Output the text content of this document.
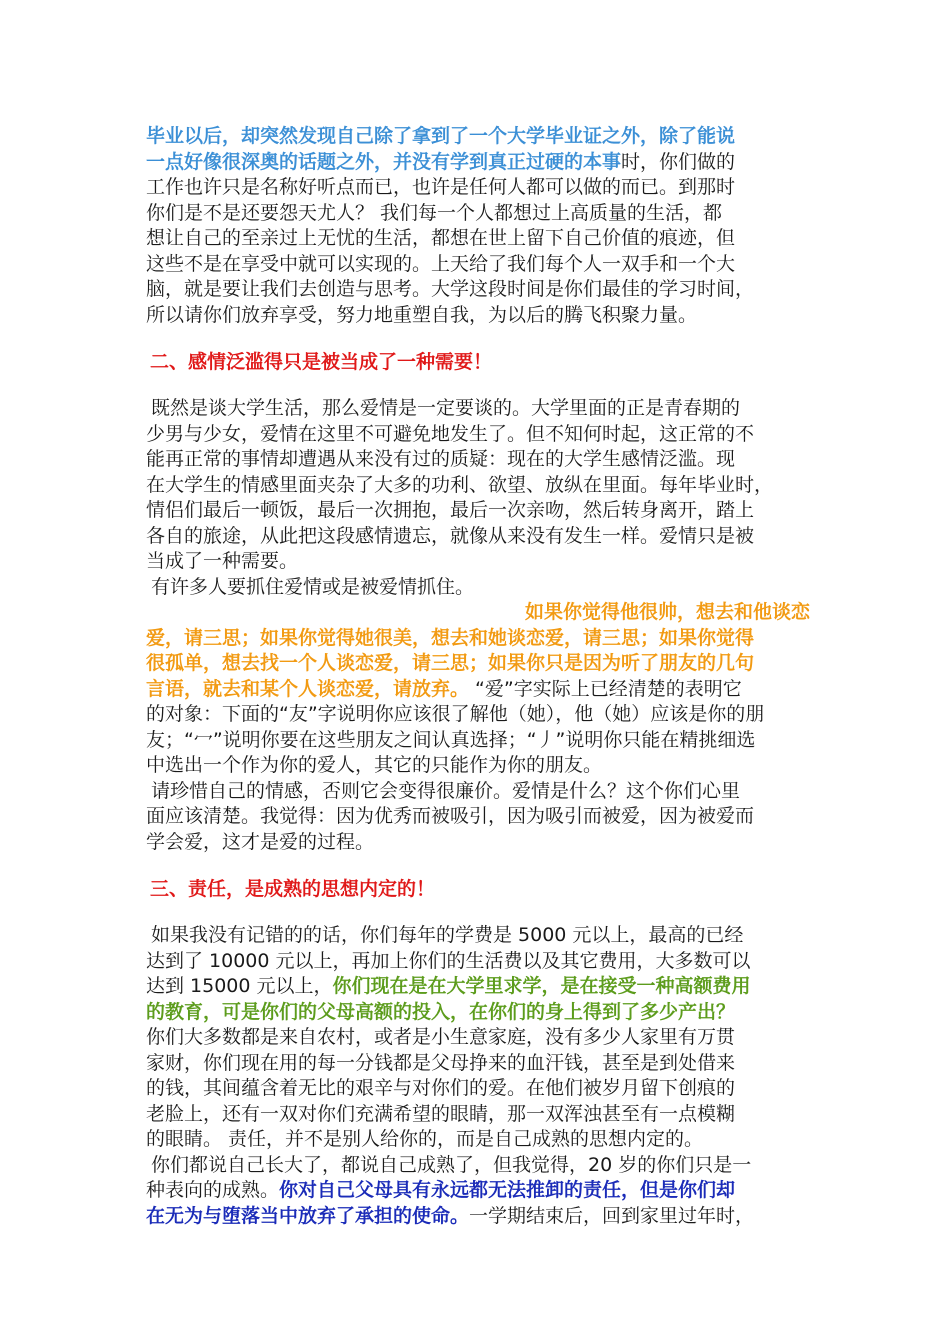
毕业以后，却突然发现自己除了拿到了一个大学毕业证之外，除了能说
一点好像很深奥的话题之外，并没有学到真正过硬的本事时，你们做的
工作也许只是名称好听点而已，也许是任何人都可以做的而已。到那时
你们是不是还要怨天尤人？ 我们每一个人都想过上高质量的生活，都
想让自己的至亲过上无忧的生活，都想在世上留下自己价值的痕迹，但
这些不是在享受中就可以实现的。上天给了我们每个人一双手和一个大
脑，就是要让我们去创造与思考。大学这段时间是你们最佳的学习时间，
所以请你们放弃享受，努力地重塑自我，为以后的腾飞积聚力量。
二、感情泛滥得只是被当成了一种需要！
既然是谈大学生活，那么爱情是一定要谈的。大学里面的正是青春期的
少男与少女，爱情在这里不可避免地发生了。但不知何时起，这正常的不
能再正常的事情却遭遇从来没有过的质疑：现在的大学生感情泛滥。现
在大学生的情感里面夹杂了大多的功利、欲望、放纵在里面。每年毕业时，
情侣们最后一顿饭，最后一次拥抱，最后一次亲吻，然后转身离开，踏上
各自的旅途，从此把这段感情遗忘，就像从来没有发生一样。爱情只是被
当成了一种需要。
有许多人要抓住爱情或是被爱情抓住。
如果你觉得他很帅，想去和他谈恋
爱，请三思；如果你觉得她很美，想去和她谈恋爱，请三思；如果你觉得
很孤单，想去找一个人谈恋爱，请三思；如果你只是因为听了朋友的几句
言语，就去和某个人谈恋爱，请放弃。 “爱”字实际上已经清楚的表明它
的对象：下面的“友”字说明你应该很了解他（她），他（她）应该是你的朋
友；“冖”说明你要在这些朋友之间认真选择；“丿”说明你只能在精挑细选
中选出一个作为你的爱人，其它的只能作为你的朋友。
请珍惜自己的情感，否则它会变得很廉价。爱情是什么？这个你们心里
面应该清楚。我觉得：因为优秀而被吸引，因为吸引而被爱，因为被爱而
学会爱，这才是爱的过程。
三、责任，是成熟的思想内定的！
如果我没有记错的的话，你们每年的学费是 5000 元以上，最高的已经
达到了 10000 元以上，再加上你们的生活费以及其它费用，大多数可以
达到 15000 元以上，你们现在是在大学里求学，是在接受一种高额费用
的教育，可是你们的父母高额的投入，在你们的身上得到了多少产出？
你们大多数都是来自农村，或者是小生意家庭，没有多少人家里有万贯
家财，你们现在用的每一分钱都是父母挣来的血汗钱，甚至是到处借来
的钱，其间蕴含着无比的艰辛与对你们的爱。在他们被岁月留下创痕的
老脸上，还有一双对你们充满希望的眼睛，那一双浑浊甚至有一点模糊
的眼睛。 责任，并不是别人给你的，而是自己成熟的思想内定的。
你们都说自己长大了，都说自己成熟了，但我觉得，20 岁的你们只是一
种表向的成熟。你对自己父母具有永远都无法推卸的责任，但是你们却
在无为与堕落当中放弃了承担的使命。一学期结束后，回到家里过年时，
